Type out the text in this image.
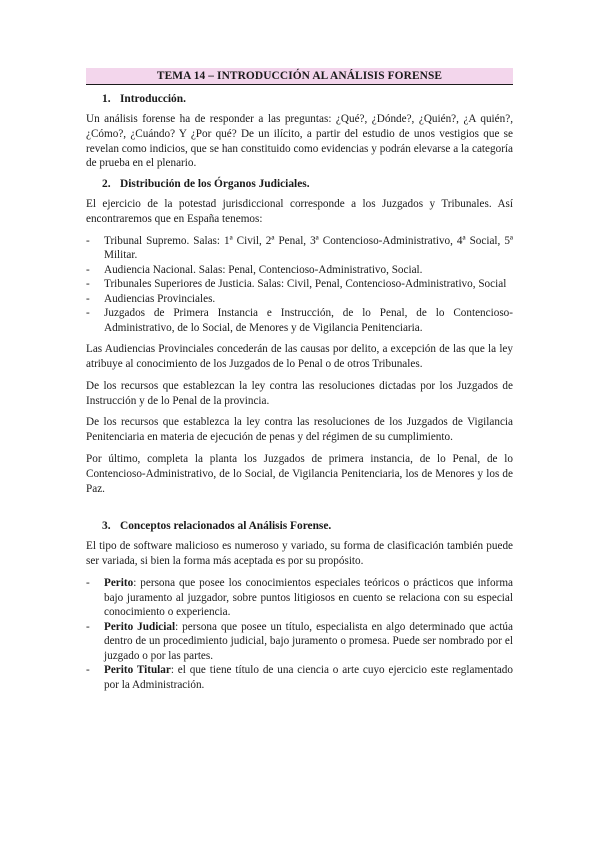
TEMA 14 – INTRODUCCIÓN AL ANÁLISIS FORENSE
1. Introducción.

Un análisis forense ha de responder a las preguntas: ¿Qué?, ¿Dónde?, ¿Quién?, ¿A quién?, ¿Cómo?, ¿Cuándo? Y ¿Por qué? De un ilícito, a partir del estudio de unos vestigios que se revelan como indicios, que se han constituido como evidencias y podrán elevarse a la categoría de prueba en el plenario.

2. Distribución de los Órganos Judiciales.

El ejercicio de la potestad jurisdiccional corresponde a los Juzgados y Tribunales. Así encontraremos que en España tenemos:

-	Tribunal Supremo. Salas: 1ª Civil, 2ª Penal, 3ª Contencioso-Administrativo, 4ª Social, 5ª Militar.
-	Audiencia Nacional. Salas: Penal, Contencioso-Administrativo, Social.
-	Tribunales Superiores de Justicia. Salas: Civil, Penal, Contencioso-Administrativo, Social
-	Audiencias Provinciales.
-	Juzgados de Primera Instancia e Instrucción, de lo Penal, de lo Contencioso-Administrativo, de lo Social, de Menores y de Vigilancia Penitenciaria.

Las Audiencias Provinciales concederán de las causas por delito, a excepción de las que la ley atribuye al conocimiento de los Juzgados de lo Penal o de otros Tribunales.

De los recursos que establezcan la ley contra las resoluciones dictadas por los Juzgados de Instrucción y de lo Penal de la provincia.

De los recursos que establezca la ley contra las resoluciones de los Juzgados de Vigilancia Penitenciaria en materia de ejecución de penas y del régimen de su cumplimiento.

Por último, completa la planta los Juzgados de primera instancia, de lo Penal, de lo Contencioso-Administrativo, de lo Social, de Vigilancia Penitenciaria, los de Menores y los de Paz.

3. Conceptos relacionados al Análisis Forense.

El tipo de software malicioso es numeroso y variado, su forma de clasificación también puede ser variada, si bien la forma más aceptada es por su propósito.

-	Perito: persona que posee los conocimientos especiales teóricos o prácticos que informa bajo juramento al juzgador, sobre puntos litigiosos en cuento se relaciona con su especial conocimiento o experiencia.
-	Perito Judicial: persona que posee un título, especialista en algo determinado que actúa dentro de un procedimiento judicial, bajo juramento o promesa. Puede ser nombrado por el juzgado o por las partes.
-	Perito Titular: el que tiene título de una ciencia o arte cuyo ejercicio este reglamentado por la Administración.
